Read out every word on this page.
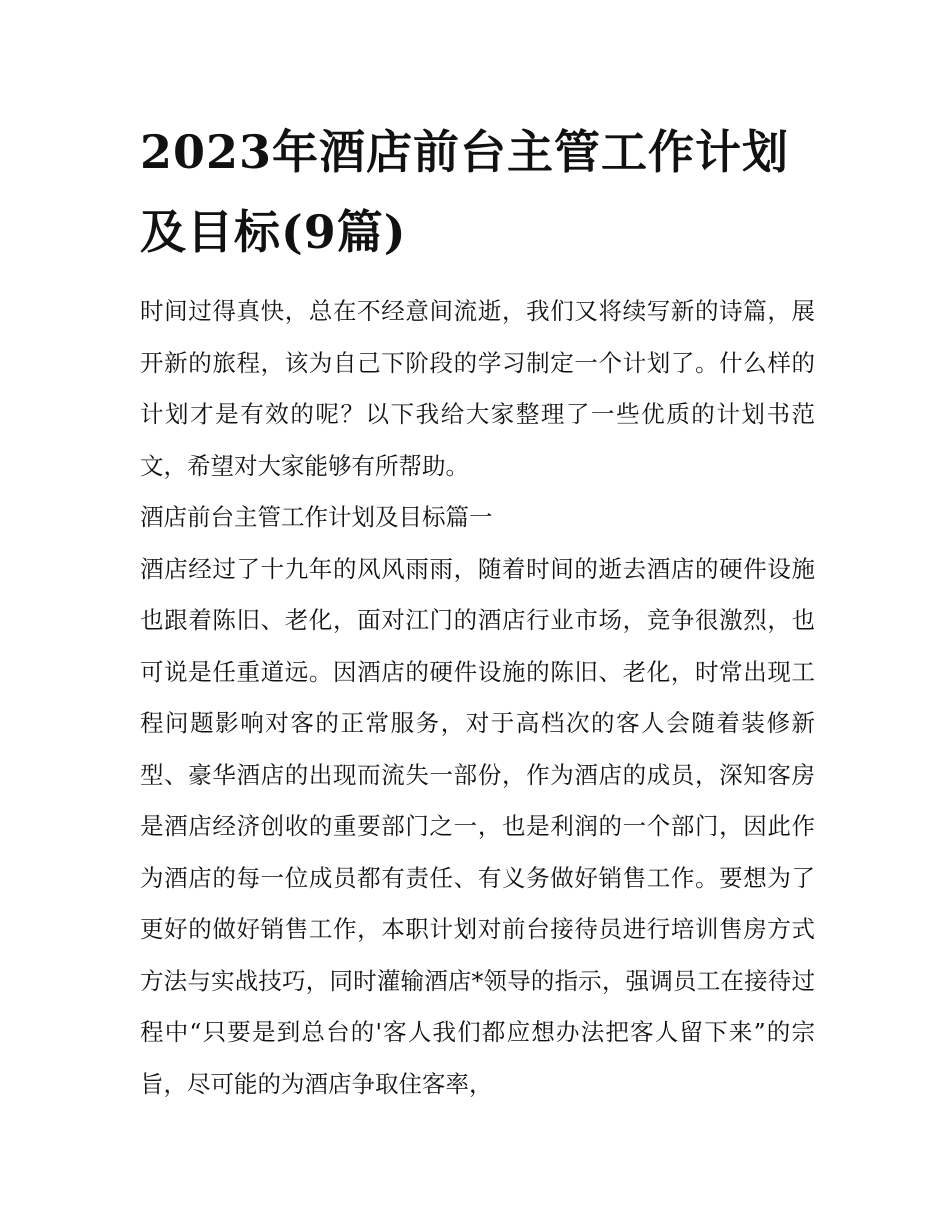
2023年酒店前台主管工作计划及目标(9篇)

时间过得真快，总在不经意间流逝，我们又将续写新的诗篇，展开新的旅程，该为自己下阶段的学习制定一个计划了。什么样的计划才是有效的呢？以下我给大家整理了一些优质的计划书范文，希望对大家能够有所帮助。

酒店前台主管工作计划及目标篇一

酒店经过了十九年的风风雨雨，随着时间的逝去酒店的硬件设施也跟着陈旧、老化，面对江门的酒店行业市场，竞争很激烈，也可说是任重道远。因酒店的硬件设施的陈旧、老化，时常出现工程问题影响对客的正常服务，对于高档次的客人会随着装修新型、豪华酒店的出现而流失一部份，作为酒店的成员，深知客房是酒店经济创收的重要部门之一，也是利润的一个部门，因此作为酒店的每一位成员都有责任、有义务做好销售工作。要想为了更好的做好销售工作，本职计划对前台接待员进行培训售房方式方法与实战技巧，同时灌输酒店*领导的指示，强调员工在接待过程中“只要是到总台的'客人我们都应想办法把客人留下来”的宗旨，尽可能的为酒店争取住客率，
